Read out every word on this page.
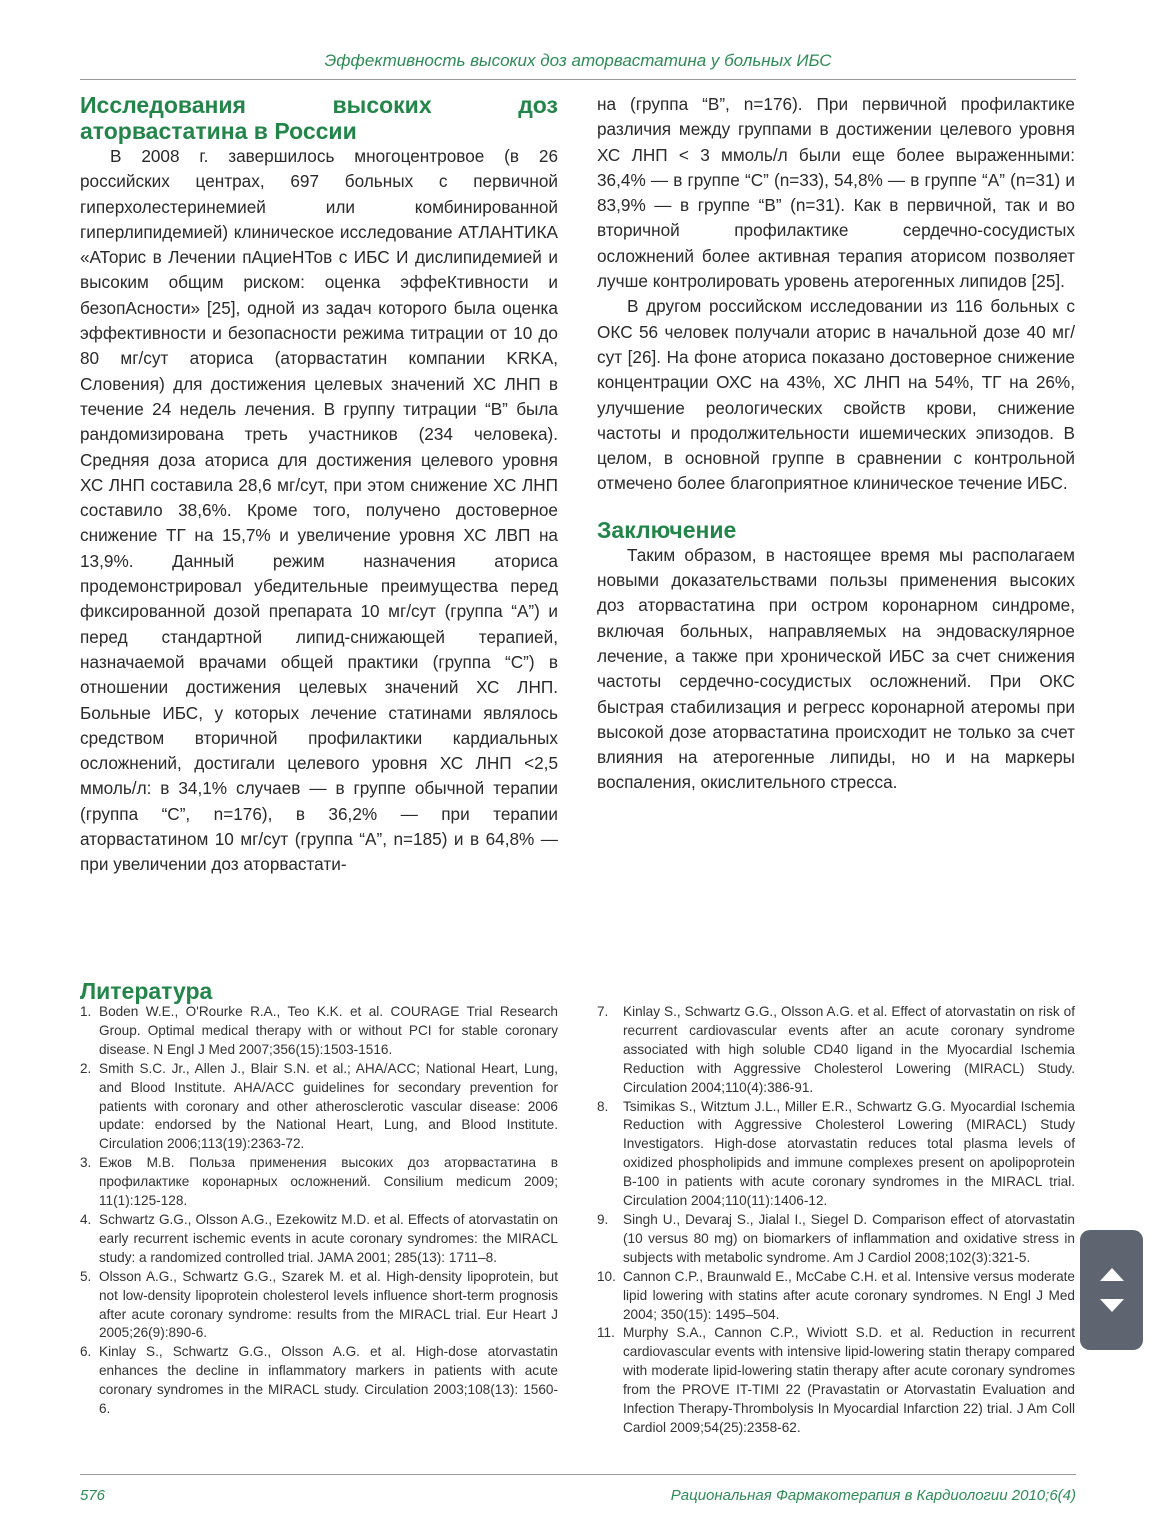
Эффективность высоких доз аторвастатина у больных ИБС
Исследования высоких доз аторвастатина в России

В 2008 г. завершилось многоцентровое (в 26 российских центрах, 697 больных с первичной гиперхолестеринемией или комбинированной гиперлипидемией) клиническое исследование АТЛАНТИКА «АТорис в Лечении пАциеНТов с ИБС И дислипидемией и высоким общим риском: оценка эффеКтивности и безопАсности» [25], одной из задач которого была оценка эффективности и безопасности режима титрации от 10 до 80 мг/сут аториса (аторвастатин компании KRKA, Словения) для достижения целевых значений ХС ЛНП в течение 24 недель лечения. В группу титрации “B” была рандомизирована треть участников (234 человека). Средняя доза аториса для достижения целевого уровня ХС ЛНП составила 28,6 мг/сут, при этом снижение ХС ЛНП составило 38,6%. Кроме того, получено достоверное снижение ТГ на 15,7% и увеличение уровня ХС ЛВП на 13,9%. Данный режим назначения аториса продемонстрировал убедительные преимущества перед фиксированной дозой препарата 10 мг/сут (группа “А”) и перед стандартной липид-снижающей терапией, назначаемой врачами общей практики (группа “С”) в отношении достижения целевых значений ХС ЛНП. Больные ИБС, у которых лечение статинами являлось средством вторичной профилактики кардиальных осложнений, достигали целевого уровня ХС ЛНП <2,5 ммоль/л: в 34,1% случаев — в группе обычной терапии (группа “С”, n=176), в 36,2% — при терапии аторвастатином 10 мг/сут (группа “А”, n=185) и в 64,8% —при увеличении доз аторвастати-

на (группа “В”, n=176). При первичной профилактике различия между группами в достижении целевого уровня ХС ЛНП < 3 ммоль/л были еще более выраженными: 36,4% — в группе “С” (n=33), 54,8% — в группе “А” (n=31) и 83,9% — в группе “В” (n=31). Как в первичной, так и во вторичной профилактике сердечно-сосудистых осложнений более активная терапия аторисом позволяет лучше контролировать уровень атерогенных липидов [25].

В другом российском исследовании из 116 больных с ОКС 56 человек получали аторис в начальной дозе 40 мг/сут [26]. На фоне аториса показано достоверное снижение концентрации ОХС на 43%, ХС ЛНП на 54%, ТГ на 26%, улучшение реологических свойств крови, снижение частоты и продолжительности ишемических эпизодов. В целом, в основной группе в сравнении с контрольной отмечено более благоприятное клиническое течение ИБС.

Заключение

Таким образом, в настоящее время мы располагаем новыми доказательствами пользы применения высоких доз аторвастатина при остром коронарном синдроме, включая больных, направляемых на эндоваскулярное лечение, а также при хронической ИБС за счет снижения частоты сердечно-сосудистых осложнений. При ОКС быстрая стабилизация и регресс коронарной атеромы при высокой дозе аторвастатина происходит не только за счет влияния на атерогенные липиды, но и на маркеры воспаления, окислительного стресса.

Литература
1. Boden W.E., O'Rourke R.A., Teo K.K. et al. COURAGE Trial Research Group. Optimal medical therapy with or without PCI for stable coronary disease. N Engl J Med 2007;356(15):1503-1516.
2. Smith S.C. Jr., Allen J., Blair S.N. et al.; AHA/ACC; National Heart, Lung, and Blood Institute. AHA/ACC guidelines for secondary prevention for patients with coronary and other atherosclerotic vascular disease: 2006 update: endorsed by the National Heart, Lung, and Blood Institute. Circulation 2006;113(19):2363-72.
3. Ежов М.В. Польза применения высоких доз аторвастатина в профилактике коронарных осложнений. Consilium medicum 2009; 11(1):125-128.
4. Schwartz G.G., Olsson A.G., Ezekowitz M.D. et al. Effects of atorvastatin on early recurrent ischemic events in acute coronary syndromes: the MIRACL study: a randomized controlled trial. JAMA 2001; 285(13): 1711–8.
5. Olsson A.G., Schwartz G.G., Szarek M. et al. High-density lipoprotein, but not low-density lipoprotein cholesterol levels influence short-term prognosis after acute coronary syndrome: results from the MIRACL trial. Eur Heart J 2005;26(9):890-6.
6. Kinlay S., Schwartz G.G., Olsson A.G. et al. High-dose atorvastatin enhances the decline in inflammatory markers in patients with acute coronary syndromes in the MIRACL study. Circulation 2003;108(13): 1560-6.
7.	Kinlay S., Schwartz G.G., Olsson A.G. et al. Effect of atorvastatin on risk of recurrent cardiovascular events after an acute coronary syndrome associated with high soluble CD40 ligand in the Myocardial Ischemia Reduction with Aggressive Cholesterol Lowering (MIRACL) Study. Circulation 2004;110(4):386-91.
8.	Tsimikas S., Witztum J.L., Miller E.R., Schwartz G.G. Myocardial Ischemia Reduction with Aggressive Cholesterol Lowering (MIRACL) Study Investigators. High-dose atorvastatin reduces total plasma levels of oxidized phospholipids and immune complexes present on apolipoprotein B-100 in patients with acute coronary syndromes in the MIRACL trial. Circulation 2004;110(11):1406-12.
9.	Singh U., Devaraj S., Jialal I., Siegel D. Comparison effect of atorvastatin (10 versus 80 mg) on biomarkers of inflammation and oxidative stress in subjects with metabolic syndrome. Am J Cardiol 2008;102(3):321-5.
10. Cannon C.P., Braunwald E., McCabe C.H. et al. Intensive versus moderate lipid lowering with statins after acute coronary syndromes. N Engl J Med 2004; 350(15): 1495–504.
11. Murphy S.A., Cannon C.P., Wiviott S.D. et al. Reduction in recurrent cardiovascular events with intensive lipid-lowering statin therapy compared with moderate lipid-lowering statin therapy after acute coronary syndromes from the PROVE IT-TIMI 22 (Pravastatin or Atorvastatin Evaluation and Infection Therapy-Thrombolysis In Myocardial Infarction 22) trial. J Am Coll Cardiol 2009;54(25):2358-62.
576	Рациональная Фармакотерапия в Кардиологии 2010;6(4)
